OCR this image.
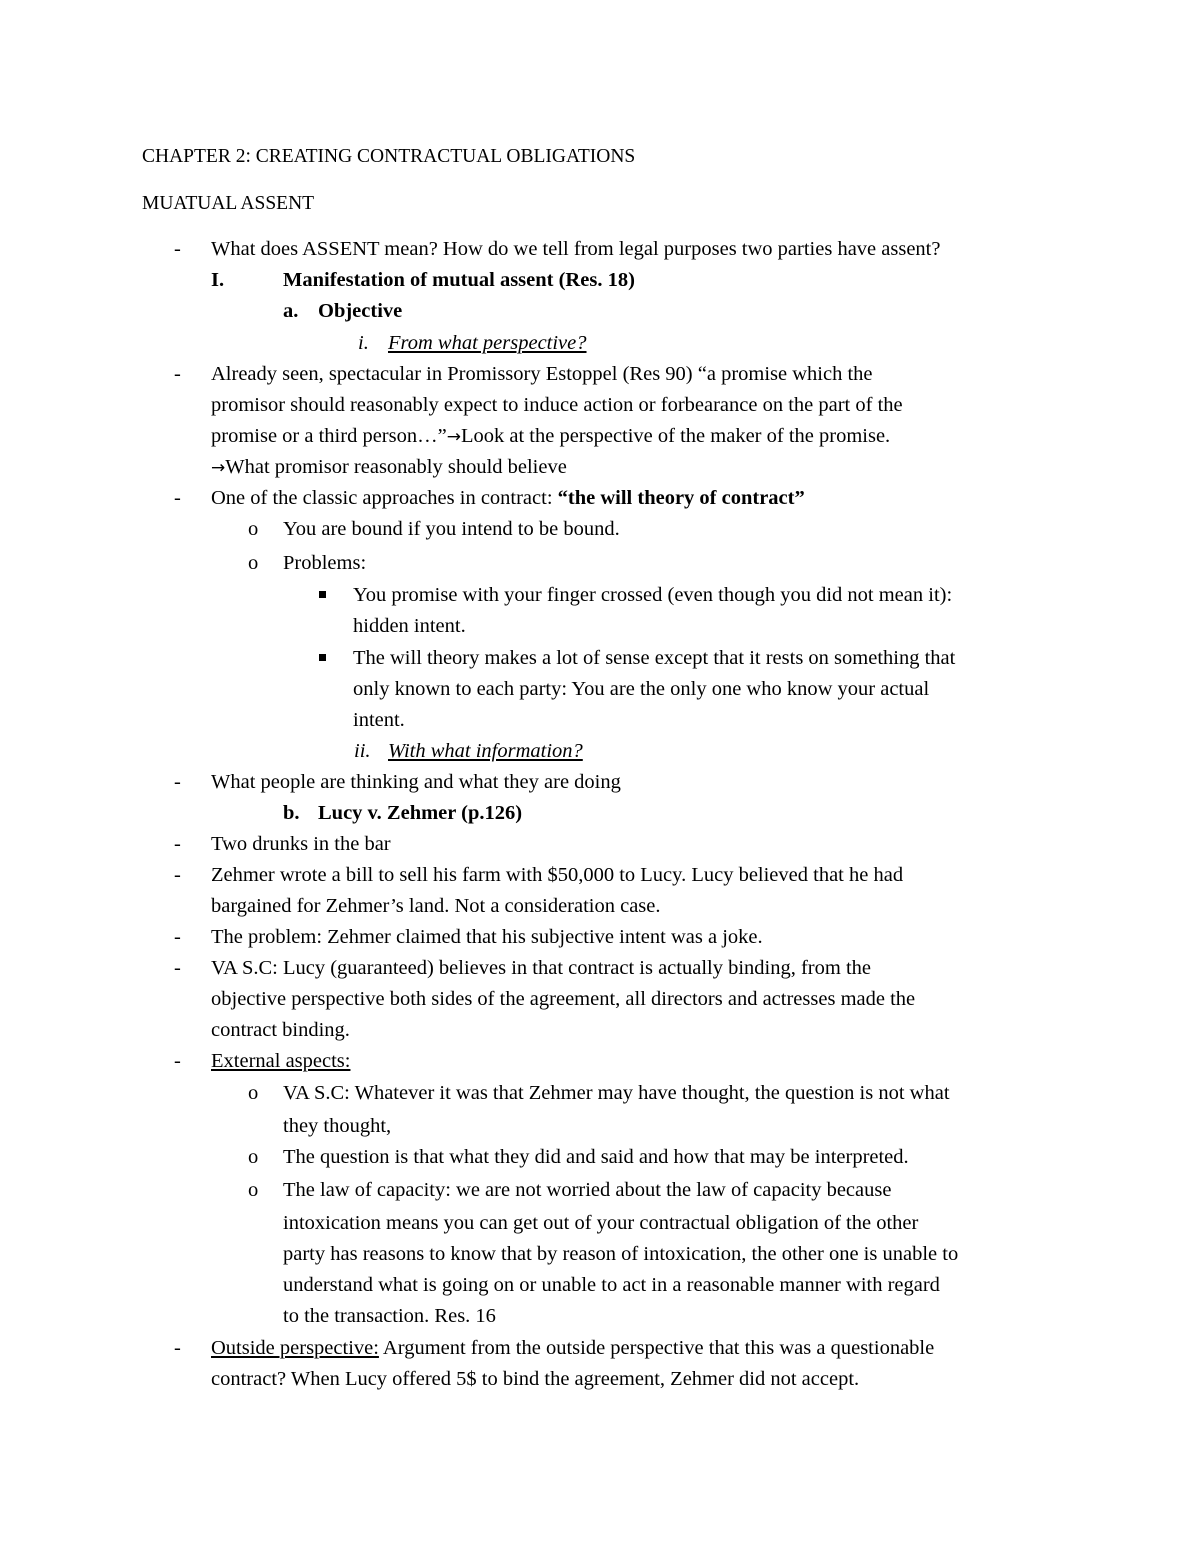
CHAPTER 2: CREATING CONTRACTUAL OBLIGATIONS
MUATUAL ASSENT
- What does ASSENT mean? How do we tell from legal purposes two parties have assent?
I.	Manifestation of mutual assent (Res. 18)
a. Objective
i. From what perspective?
- Already seen, spectacular in Promissory Estoppel (Res 90) “a promise which the
promisor should reasonably expect to induce action or forbearance on the part of the
promise or a third person…”→Look at the perspective of the maker of the promise.
→What promisor reasonably should believe
- One of the classic approaches in contract: “the will theory of contract”
o You are bound if you intend to be bound.
o Problems:
You promise with your finger crossed (even though you did not mean it):
hidden intent.
The will theory makes a lot of sense except that it rests on something that
only known to each party: You are the only one who know your actual
intent.
ii. With what information?
- What people are thinking and what they are doing
b. Lucy v. Zehmer (p.126)
- Two drunks in the bar
- Zehmer wrote a bill to sell his farm with $50,000 to Lucy. Lucy believed that he had
bargained for Zehmer’s land. Not a consideration case.
- The problem: Zehmer claimed that his subjective intent was a joke.
- VA S.C: Lucy (guaranteed) believes in that contract is actually binding, from the
objective perspective both sides of the agreement, all directors and actresses made the
contract binding.
- External aspects:
o VA S.C: Whatever it was that Zehmer may have thought, the question is not what
they thought,
o The question is that what they did and said and how that may be interpreted.
o The law of capacity: we are not worried about the law of capacity because
intoxication means you can get out of your contractual obligation of the other
party has reasons to know that by reason of intoxication, the other one is unable to
understand what is going on or unable to act in a reasonable manner with regard
to the transaction. Res. 16
- Outside perspective: Argument from the outside perspective that this was a questionable
contract? When Lucy offered 5$ to bind the agreement, Zehmer did not accept.
